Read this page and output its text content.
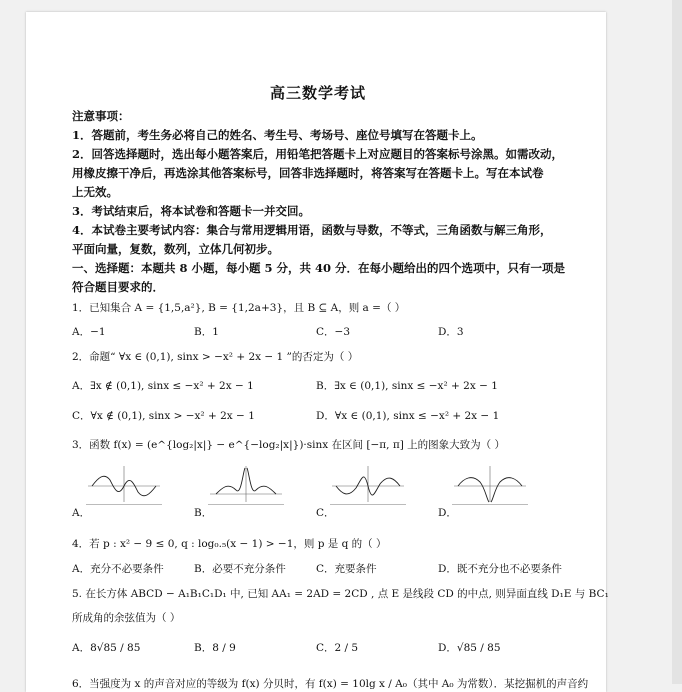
高三数学考试
注意事项：
1．答题前，考生务必将自己的姓名、考生号、考场号、座位号填写在答题卡上。
2．回答选择题时，选出每小题答案后，用铅笔把答题卡上对应题目的答案标号涂黑。如需改动，
用橡皮擦干净后，再选涂其他答案标号，回答非选择题时，将答案写在答题卡上。写在本试卷
上无效。
3．考试结束后，将本试卷和答题卡一并交回。
4．本试卷主要考试内容：集合与常用逻辑用语，函数与导数，不等式，三角函数与解三角形，
平面向量，复数，数列，立体几何初步。
一、选择题：本题共 8 小题，每小题 5 分，共 40 分．在每小题给出的四个选项中，只有一项是
符合题目要求的．
1．已知集合 A = {1,5,a²}, B = {1,2a+3}，且 B ⊆ A，则 a =（ ）
A．−1	B．1	C．−3	D．3
2．命题“ ∀x ∈ (0,1), sinx > −x² + 2x − 1 ”的否定为（ ）
A．∃x ∉ (0,1), sinx ≤ −x² + 2x − 1	B．∃x ∈ (0,1), sinx ≤ −x² + 2x − 1
C．∀x ∉ (0,1), sinx > −x² + 2x − 1	D．∀x ∈ (0,1), sinx ≤ −x² + 2x − 1
3．函数 f(x) = (e^{log₂|x|} − e^{−log₂|x|})·sinx 在区间 [−π, π] 上的图象大致为（ ）
A．	B．	C．	D．
4．若 p : x² − 9 ≤ 0, q : log₀.₅(x − 1) > −1，则 p 是 q 的（ ）
A．充分不必要条件	B．必要不充分条件	C．充要条件	D．既不充分也不必要条件
5. 在长方体 ABCD − A₁B₁C₁D₁ 中, 已知 AA₁ = 2AD = 2CD , 点 E 是线段 CD 的中点, 则异面直线 D₁E 与 BC₁
所成角的余弦值为（ ）
A．8√85 / 85	B．8 / 9	C．2 / 5	D．√85 / 85
6．当强度为 x 的声音对应的等级为 f(x) 分贝时，有 f(x) = 10lg x / A₀（其中 A₀ 为常数）．某挖掘机的声音约
